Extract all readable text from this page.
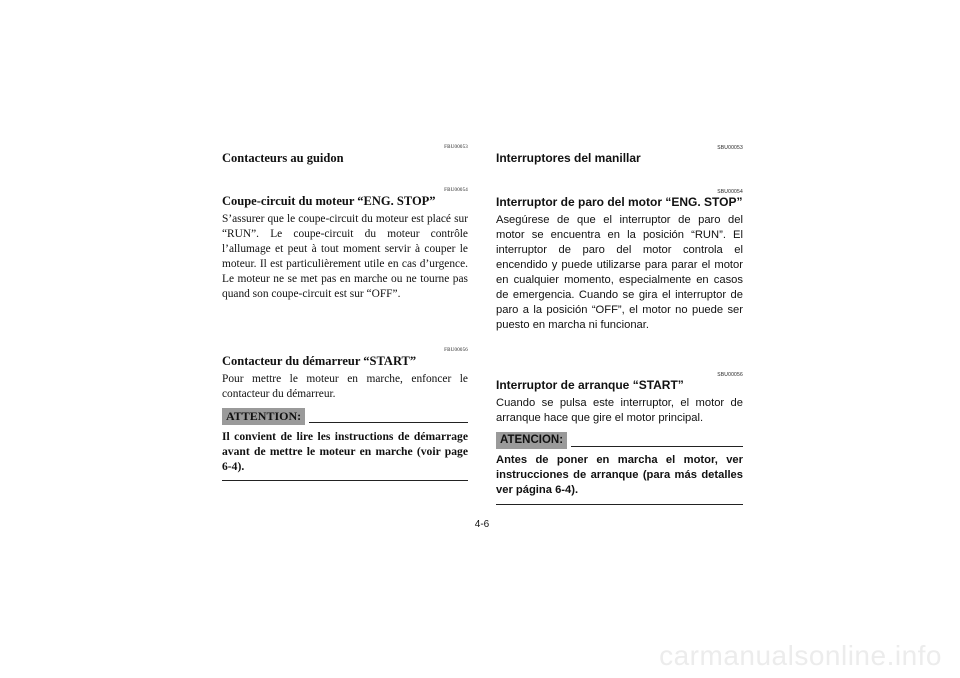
FBU00053
Contacteurs au guidon
FBU00054
Coupe-circuit du moteur “ENG. STOP”

S’assurer que le coupe-circuit du moteur est placé sur “RUN”. Le coupe-circuit du moteur contrôle l’allumage et peut à tout moment servir à couper le moteur. Il est particulièrement utile en cas d’urgence. Le moteur ne se met pas en marche ou ne tourne pas quand son coupe-circuit est sur “OFF”.

FBU00056
Contacteur du démarreur “START”

Pour mettre le moteur en marche, enfoncer le contacteur du démarreur.

ATTENTION:
Il convient de lire les instructions de démarrage avant de mettre le moteur en marche (voir page 6-4).
SBU00053
Interruptores del manillar
SBU00054
Interruptor de paro del motor “ENG. STOP”

Asegúrese de que el interruptor de paro del motor se encuentra en la posición “RUN”. El interruptor de paro del motor controla el encendido y puede utilizarse para parar el motor en cualquier momento, especialmente en casos de emergencia. Cuando se gira el interruptor de paro a la posición “OFF”, el motor no puede ser puesto en marcha ni funcionar.

SBU00056
Interruptor de arranque “START”

Cuando se pulsa este interruptor, el motor de arranque hace que gire el motor principal.

ATENCION:
Antes de poner en marcha el motor, ver instrucciones de arranque (para más detalles ver página 6-4).
4-6
carmanualsonline.info
